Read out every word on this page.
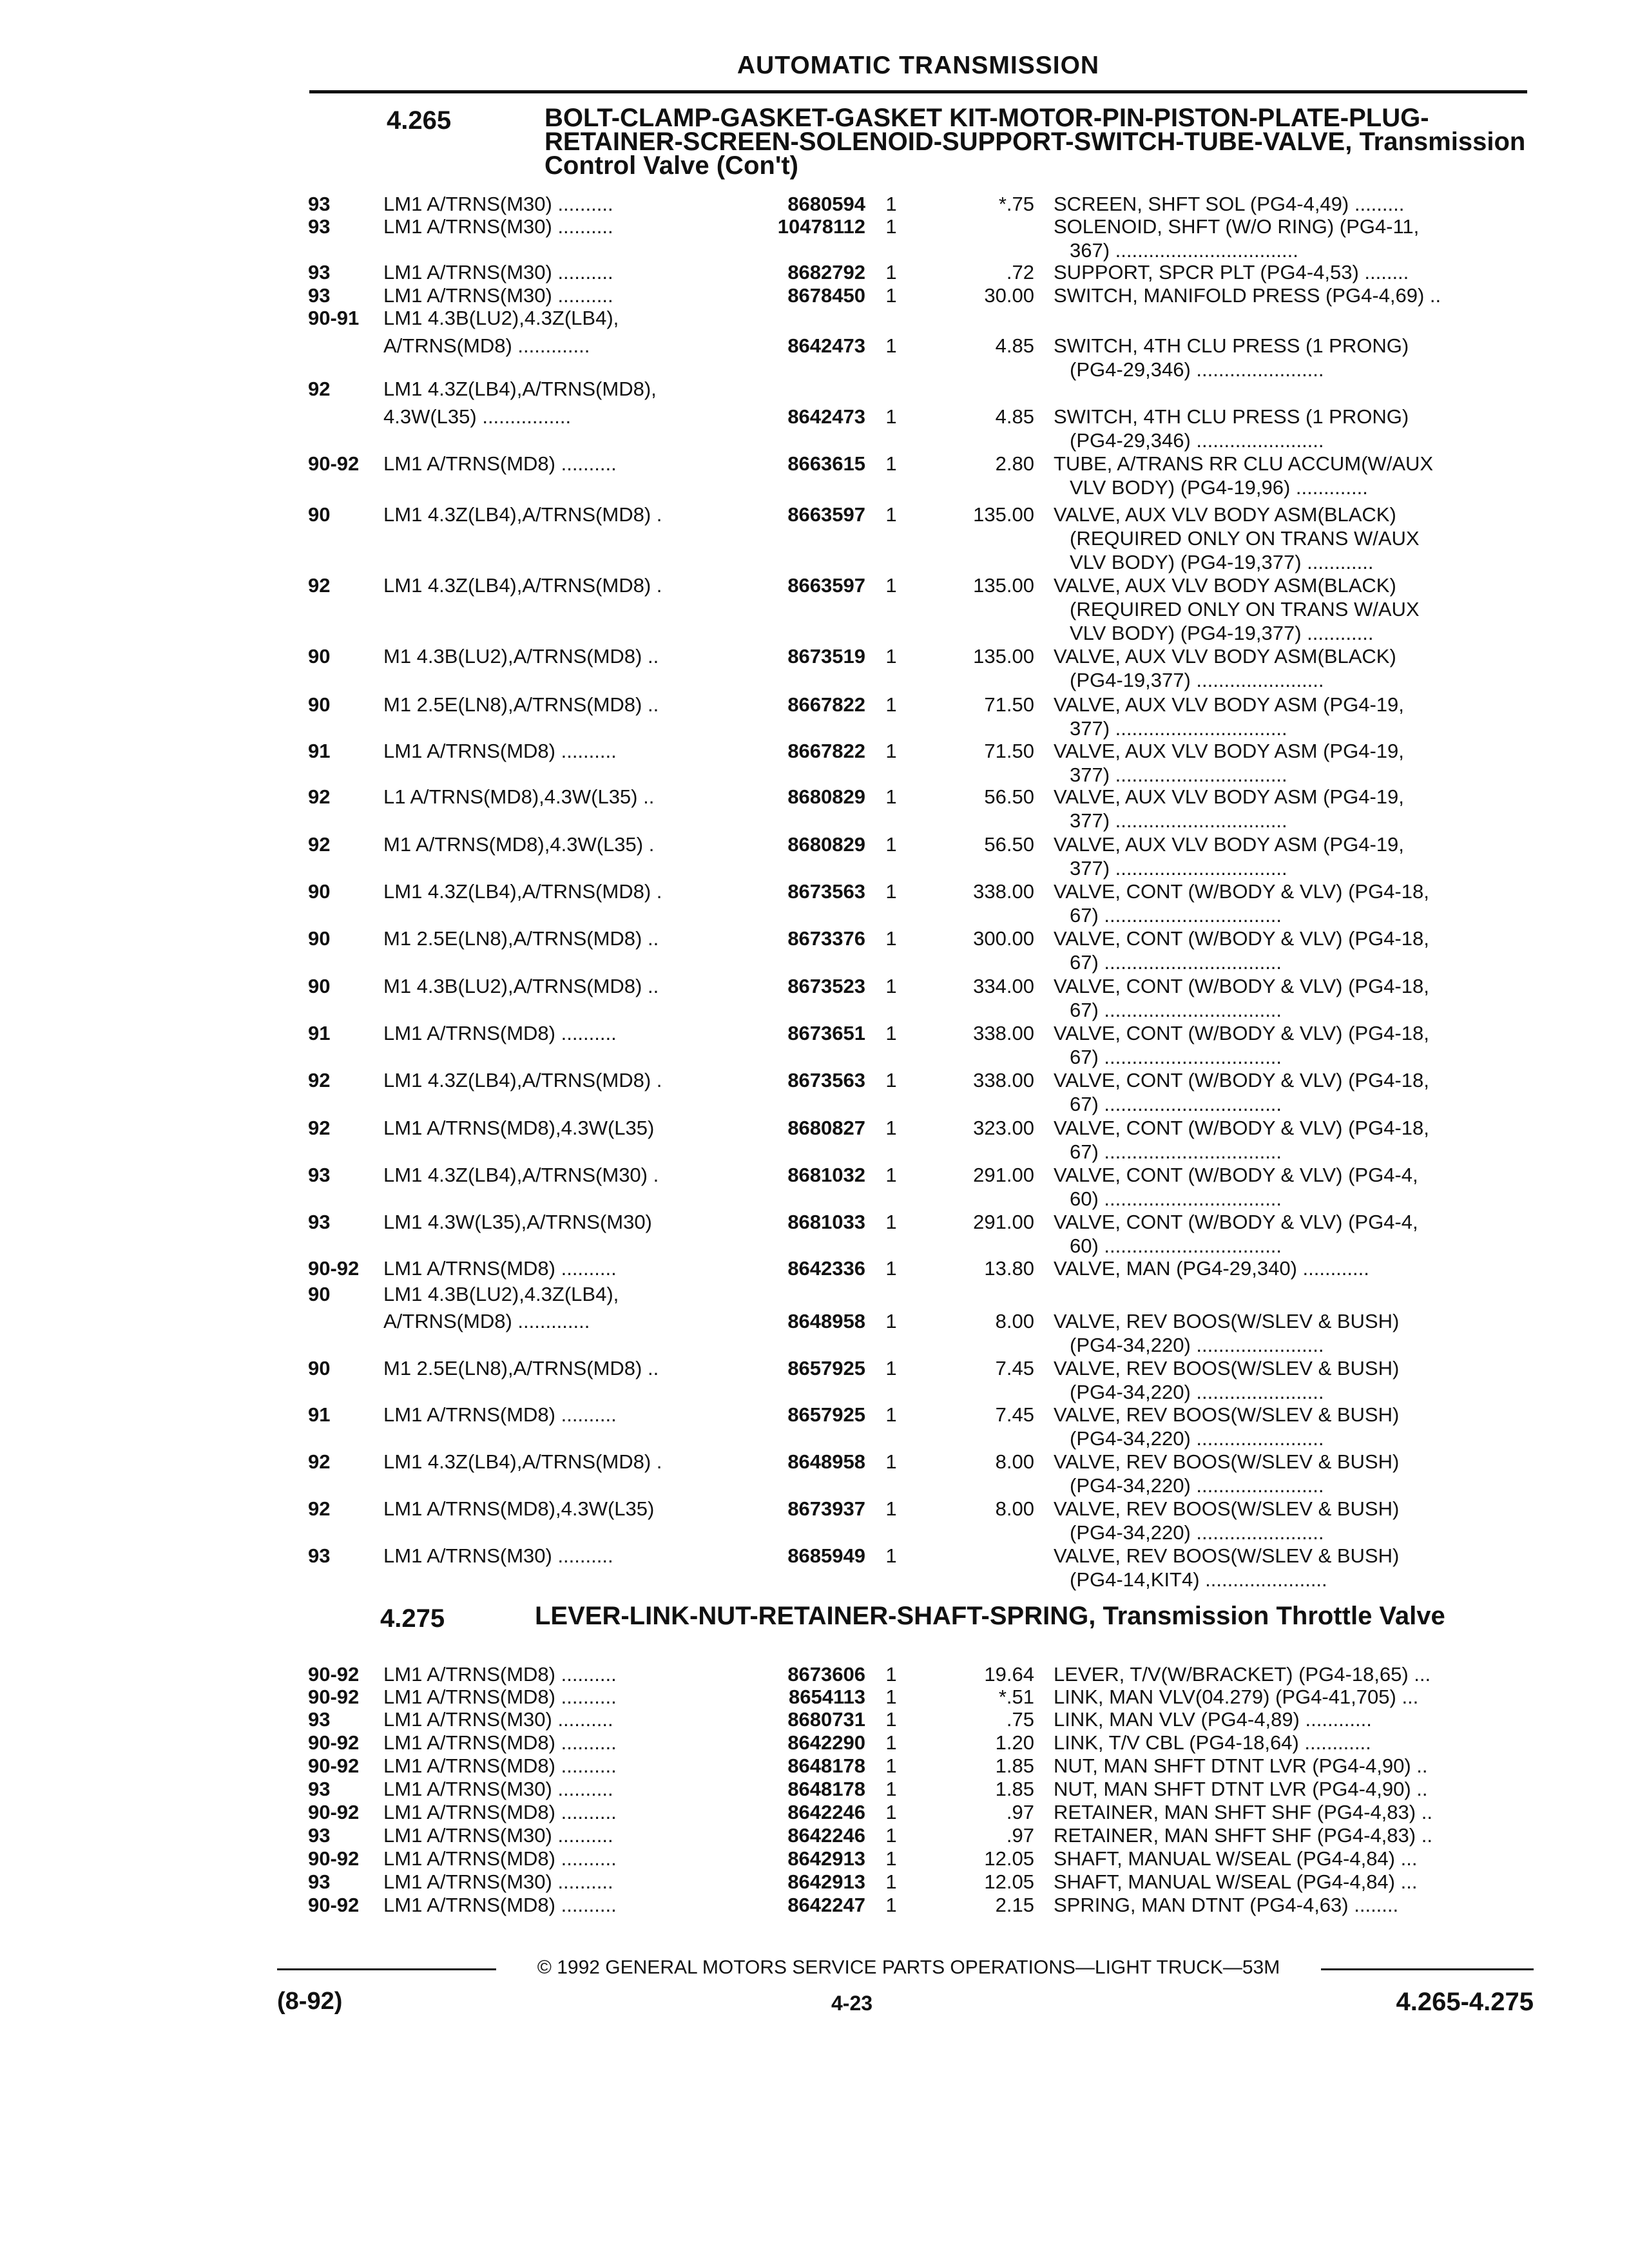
AUTOMATIC TRANSMISSION
4.265	BOLT-CLAMP-GASKET-GASKET KIT-MOTOR-PIN-PISTON-PLATE-PLUG-RETAINER-SCREEN-SOLENOID-SUPPORT-SWITCH-TUBE-VALVE, Transmission Control Valve (Con't)
93	LM1 A/TRNS(M30) ..........	8680594 1	*.75 SCREEN, SHFT SOL (PG4-4,49) .........
93	LM1 A/TRNS(M30) ..........	10478112 1	SOLENOID, SHFT (W/O RING) (PG4-11,
367) .................................
93	LM1 A/TRNS(M30) ..........	8682792 1	.72 SUPPORT, SPCR PLT (PG4-4,53) ........
93	LM1 A/TRNS(M30) ..........	8678450 1	30.00 SWITCH, MANIFOLD PRESS (PG4-4,69) ..
90-91 LM1 4.3B(LU2),4.3Z(LB4),
A/TRNS(MD8) .............	8642473 1	4.85 SWITCH, 4TH CLU PRESS (1 PRONG)
(PG4-29,346) .......................
92	LM1 4.3Z(LB4),A/TRNS(MD8),
4.3W(L35) ................	8642473 1	4.85 SWITCH, 4TH CLU PRESS (1 PRONG)
(PG4-29,346) .......................
90-92 LM1 A/TRNS(MD8) ..........	8663615 1	2.80 TUBE, A/TRANS RR CLU ACCUM(W/AUX
VLV BODY) (PG4-19,96) .............
90	LM1 4.3Z(LB4),A/TRNS(MD8) .	8663597 1	135.00 VALVE, AUX VLV BODY ASM(BLACK)
(REQUIRED ONLY ON TRANS W/AUX
VLV BODY) (PG4-19,377) ............
92	LM1 4.3Z(LB4),A/TRNS(MD8) .	8663597 1	135.00 VALVE, AUX VLV BODY ASM(BLACK)
(REQUIRED ONLY ON TRANS W/AUX
VLV BODY) (PG4-19,377) ............
90	M1 4.3B(LU2),A/TRNS(MD8) ..	8673519 1	135.00 VALVE, AUX VLV BODY ASM(BLACK)
(PG4-19,377) .......................
90	M1 2.5E(LN8),A/TRNS(MD8) ..	8667822 1	71.50 VALVE, AUX VLV BODY ASM (PG4-19,
377) ...............................
91	LM1 A/TRNS(MD8) ..........	8667822 1	71.50 VALVE, AUX VLV BODY ASM (PG4-19,
377) ...............................
92	L1 A/TRNS(MD8),4.3W(L35) ..	8680829 1	56.50 VALVE, AUX VLV BODY ASM (PG4-19,
377) ...............................
92	M1 A/TRNS(MD8),4.3W(L35) .	8680829 1	56.50 VALVE, AUX VLV BODY ASM (PG4-19,
377) ...............................
90	LM1 4.3Z(LB4),A/TRNS(MD8) .	8673563 1	338.00 VALVE, CONT (W/BODY & VLV) (PG4-18,
67) ................................
90	M1 2.5E(LN8),A/TRNS(MD8) ..	8673376 1	300.00 VALVE, CONT (W/BODY & VLV) (PG4-18,
67) ................................
90	M1 4.3B(LU2),A/TRNS(MD8) ..	8673523 1	334.00 VALVE, CONT (W/BODY & VLV) (PG4-18,
67) ................................
91	LM1 A/TRNS(MD8) ..........	8673651 1	338.00 VALVE, CONT (W/BODY & VLV) (PG4-18,
67) ................................
92	LM1 4.3Z(LB4),A/TRNS(MD8) .	8673563 1	338.00 VALVE, CONT (W/BODY & VLV) (PG4-18,
67) ................................
92	LM1 A/TRNS(MD8),4.3W(L35)	8680827 1	323.00 VALVE, CONT (W/BODY & VLV) (PG4-18,
67) ................................
93	LM1 4.3Z(LB4),A/TRNS(M30) .	8681032 1	291.00 VALVE, CONT (W/BODY & VLV) (PG4-4,
60) ................................
93	LM1 4.3W(L35),A/TRNS(M30)	8681033 1	291.00 VALVE, CONT (W/BODY & VLV) (PG4-4,
60) ................................
90-92 LM1 A/TRNS(MD8) ..........	8642336 1	13.80 VALVE, MAN (PG4-29,340) ............
90	LM1 4.3B(LU2),4.3Z(LB4),
A/TRNS(MD8) .............	8648958 1	8.00 VALVE, REV BOOS(W/SLEV & BUSH)
(PG4-34,220) .......................
90	M1 2.5E(LN8),A/TRNS(MD8) ..	8657925 1	7.45 VALVE, REV BOOS(W/SLEV & BUSH)
(PG4-34,220) .......................
91	LM1 A/TRNS(MD8) ..........	8657925 1	7.45 VALVE, REV BOOS(W/SLEV & BUSH)
(PG4-34,220) .......................
92	LM1 4.3Z(LB4),A/TRNS(MD8) .	8648958 1	8.00 VALVE, REV BOOS(W/SLEV & BUSH)
(PG4-34,220) .......................
92	LM1 A/TRNS(MD8),4.3W(L35)	8673937 1	8.00 VALVE, REV BOOS(W/SLEV & BUSH)
(PG4-34,220) .......................
93	LM1 A/TRNS(M30) ..........	8685949 1	VALVE, REV BOOS(W/SLEV & BUSH)
(PG4-14,KIT4) ......................
4.275	LEVER-LINK-NUT-RETAINER-SHAFT-SPRING, Transmission Throttle Valve
90-92 LM1 A/TRNS(MD8) ..........	8673606 1	19.64 LEVER, T/V(W/BRACKET) (PG4-18,65) ...
90-92 LM1 A/TRNS(MD8) ..........	8654113 1	*.51 LINK, MAN VLV(04.279) (PG4-41,705) ...
93	LM1 A/TRNS(M30) ..........	8680731 1	.75 LINK, MAN VLV (PG4-4,89) ............
90-92 LM1 A/TRNS(MD8) ..........	8642290 1	1.20 LINK, T/V CBL (PG4-18,64) ............
90-92 LM1 A/TRNS(MD8) ..........	8648178 1	1.85 NUT, MAN SHFT DTNT LVR (PG4-4,90) ..
93	LM1 A/TRNS(M30) ..........	8648178 1	1.85 NUT, MAN SHFT DTNT LVR (PG4-4,90) ..
90-92 LM1 A/TRNS(MD8) ..........	8642246 1	.97 RETAINER, MAN SHFT SHF (PG4-4,83) ..
93	LM1 A/TRNS(M30) ..........	8642246 1	.97 RETAINER, MAN SHFT SHF (PG4-4,83) ..
90-92 LM1 A/TRNS(MD8) ..........	8642913 1	12.05 SHAFT, MANUAL W/SEAL (PG4-4,84) ...
93	LM1 A/TRNS(M30) ..........	8642913 1	12.05 SHAFT, MANUAL W/SEAL (PG4-4,84) ...
90-92 LM1 A/TRNS(MD8) ..........	8642247 1	2.15 SPRING, MAN DTNT (PG4-4,63) ........
© 1992 GENERAL MOTORS SERVICE PARTS OPERATIONS—LIGHT TRUCK—53M
(8-92)	4-23	4.265-4.275
